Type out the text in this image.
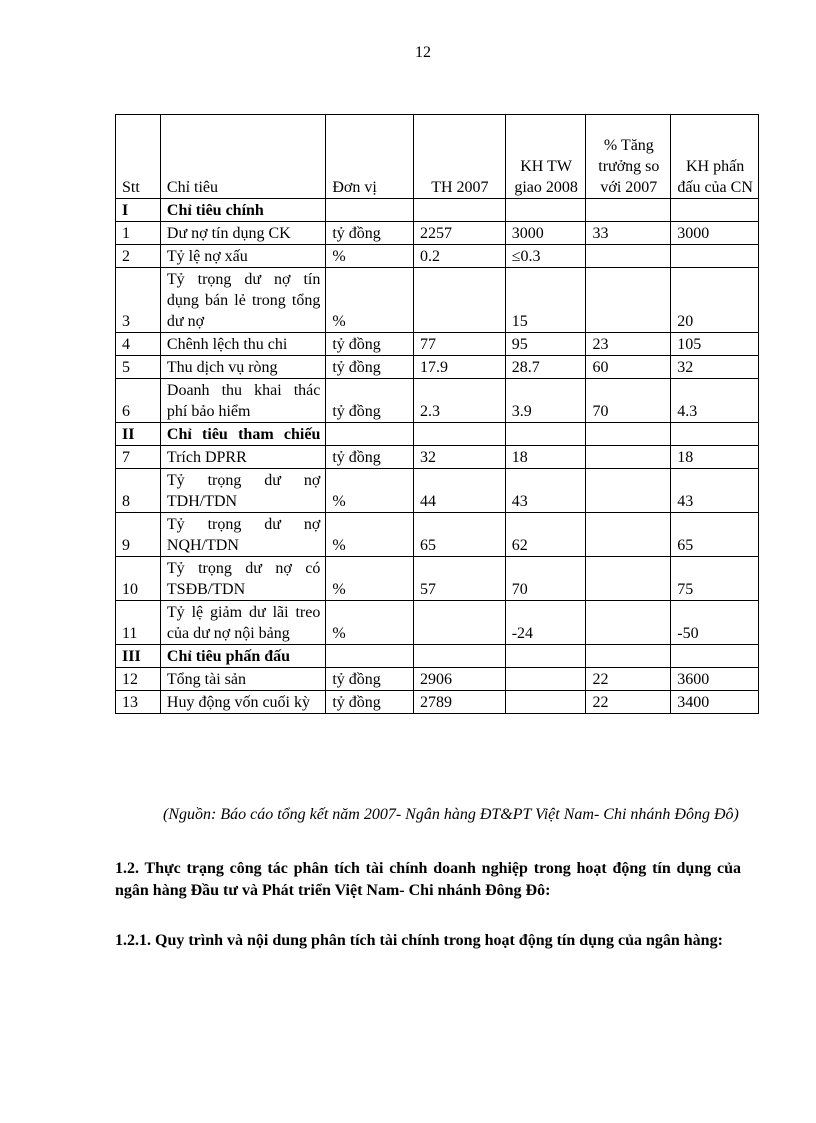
12
Stt	Chỉ tiêu	Đơn vị	TH 2007	KH TW giao 2008	% Tăng trưởng so với 2007	KH phấn đấu của CN
I	Chỉ tiêu chính					
1	Dư nợ tín dụng CK	tỷ đồng	2257	3000	33	3000
2	Tỷ lệ nợ xấu	%	0.2	≤0.3		
3	Tỷ trọng dư nợ tín dụng bán lẻ trong tổng dư nợ	%		15		20
4	Chênh lệch thu chi	tỷ đồng	77	95	23	105
5	Thu dịch vụ ròng	tỷ đồng	17.9	28.7	60	32
6	Doanh thu khai thác phí bảo hiểm	tỷ đồng	2.3	3.9	70	4.3
II	Chỉ tiêu tham chiếu					
7	Trích DPRR	tỷ đồng	32	18		18
8	Tỷ trọng dư nợ TDH/TDN	%	44	43		43
9	Tỷ trọng dư nợ NQH/TDN	%	65	62		65
10	Tỷ trọng dư nợ có TSĐB/TDN	%	57	70		75
11	Tỷ lệ giảm dư lãi treo của dư nợ nội bảng	%		-24		-50
III	Chỉ tiêu phấn đấu					
12	Tổng tài sản	tỷ đồng	2906		22	3600
13	Huy động vốn cuối kỳ	tỷ đồng	2789		22	3400

(Nguồn: Báo cáo tổng kết năm 2007- Ngân hàng ĐT&PT Việt Nam- Chi nhánh Đông Đô)

1.2. Thực trạng công tác phân tích tài chính doanh nghiệp trong hoạt động tín dụng của ngân hàng Đầu tư và Phát triển Việt Nam- Chi nhánh Đông Đô:

1.2.1. Quy trình và nội dung phân tích tài chính trong hoạt động tín dụng của ngân hàng:
